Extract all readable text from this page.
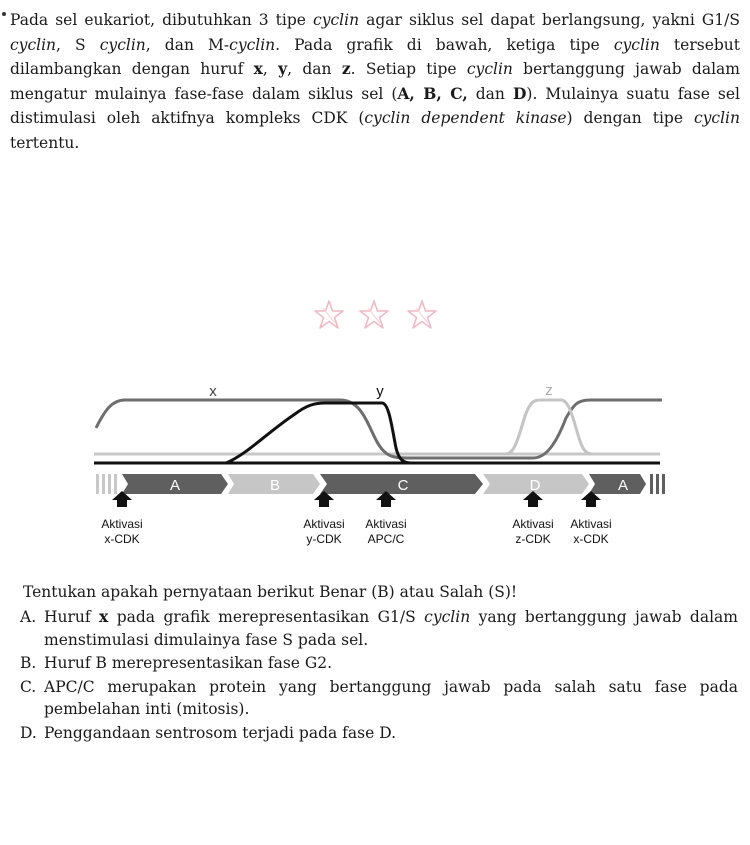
Pada sel eukariot, dibutuhkan 3 tipe cyclin agar siklus sel dapat berlangsung, yakni G1/S cyclin, S cyclin, dan M-cyclin. Pada grafik di bawah, ketiga tipe cyclin tersebut dilambangkan dengan huruf x, y, dan z. Setiap tipe cyclin bertanggung jawab dalam mengatur mulainya fase-fase dalam siklus sel (A, B, C, dan D). Mulainya suatu fase sel distimulasi oleh aktifnya kompleks CDK (cyclin dependent kinase) dengan tipe cyclin tertentu.

x	y	z
A	B	C	D	A
Aktivasi
x-CDK
Aktivasi
y-CDK
Aktivasi
APC/C
Aktivasi
z-CDK
Aktivasi
x-CDK

Tentukan apakah pernyataan berikut Benar (B) atau Salah (S)!

A. Huruf x pada grafik merepresentasikan G1/S cyclin yang bertanggung jawab dalam menstimulasi dimulainya fase S pada sel.
B. Huruf B merepresentasikan fase G2.
C. APC/C merupakan protein yang bertanggung jawab pada salah satu fase pada pembelahan inti (mitosis).
D. Penggandaan sentrosom terjadi pada fase D.
